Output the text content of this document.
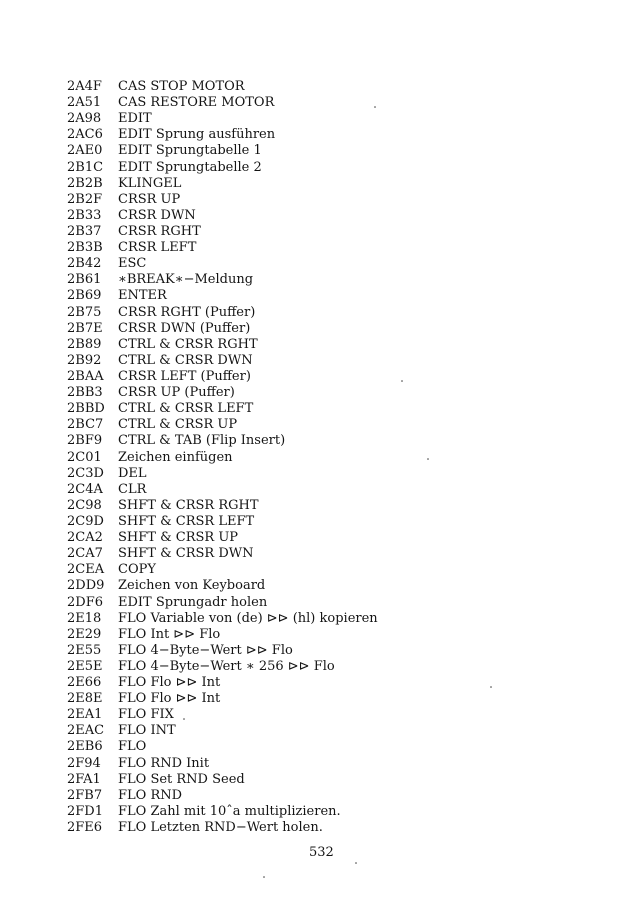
2A4F	CAS STOP MOTOR
2A51	CAS RESTORE MOTOR
2A98	EDIT
2AC6	EDIT Sprung ausführen
2AE0	EDIT Sprungtabelle 1
2B1C	EDIT Sprungtabelle 2
2B2B	KLINGEL
2B2F	CRSR UP
2B33	CRSR DWN
2B37	CRSR RGHT
2B3B	CRSR LEFT
2B42	ESC
2B61	∗BREAK∗−Meldung
2B69	ENTER
2B75	CRSR RGHT (Puffer)
2B7E	CRSR DWN (Puffer)
2B89	CTRL & CRSR RGHT
2B92	CTRL & CRSR DWN
2BAA	CRSR LEFT (Puffer)
2BB3	CRSR UP (Puffer)
2BBD	CTRL & CRSR LEFT
2BC7	CTRL & CRSR UP
2BF9	CTRL & TAB (Flip Insert)
2C01	Zeichen einfügen
2C3D	DEL
2C4A	CLR
2C98	SHFT & CRSR RGHT
2C9D	SHFT & CRSR LEFT
2CA2	SHFT & CRSR UP
2CA7	SHFT & CRSR DWN
2CEA	COPY
2DD9	Zeichen von Keyboard
2DF6	EDIT Sprungadr holen
2E18	FLO Variable von (de) ⊳⊳ (hl) kopieren
2E29	FLO Int ⊳⊳ Flo
2E55	FLO 4−Byte−Wert ⊳⊳ Flo
2E5E	FLO 4−Byte−Wert ∗ 256 ⊳⊳ Flo
2E66	FLO Flo ⊳⊳ Int
2E8E	FLO Flo ⊳⊳ Int
2EA1	FLO FIX
2EAC	FLO INT
2EB6	FLO
2F94	FLO RND Init
2FA1	FLO Set RND Seed
2FB7	FLO RND
2FD1	FLO Zahl mit 10ˆa multiplizieren.
2FE6	FLO Letzten RND−Wert holen.
532
